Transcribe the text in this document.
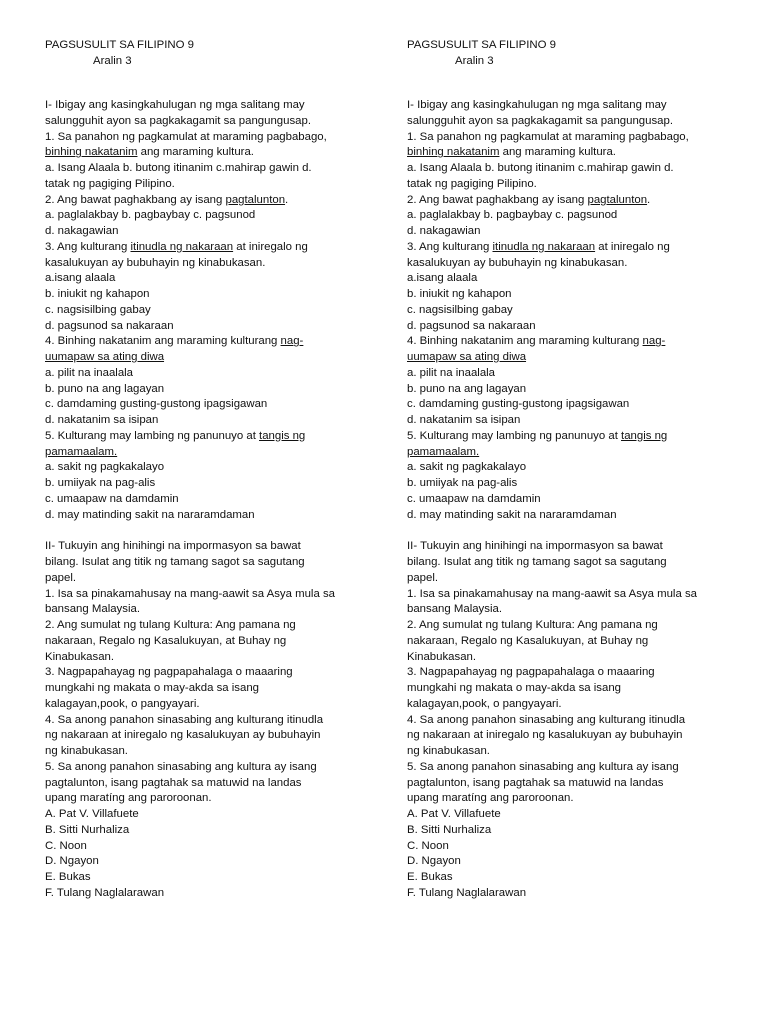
PAGSUSULIT SA FILIPINO 9
Aralin 3
I- Ibigay ang kasingkahulugan ng mga salitang may
salungguhit ayon sa pagkakagamit sa pangungusap.
1. Sa panahon ng pagkamulat at maraming pagbabago,
binhing nakatanim ang maraming kultura.
a. Isang Alaala b. butong itinanim c.mahirap gawin d.
tatak ng pagiging Pilipino.
2. Ang bawat paghakbang ay isang pagtalunton.
a. paglalakbay b. pagbaybay c. pagsunod
d. nakagawian
3. Ang kulturang itinudla ng nakaraan at iniregalo ng
kasalukuyan ay bubuhayin ng kinabukasan.
a.isang alaala
b. iniukit ng kahapon
c. nagsisilbing gabay
d. pagsunod sa nakaraan
4. Binhing nakatanim ang maraming kulturang nag-
uumapaw sa ating diwa
a. pilit na inaalala
b. puno na ang lagayan
c. damdaming gusting-gustong ipagsigawan
d. nakatanim sa isipan
5. Kulturang may lambing ng panunuyo at tangis ng
pamamaalam.
a. sakit ng pagkakalayo
b. umiiyak na pag-alis
c. umaapaw na damdamin
d. may matinding sakit na nararamdaman
II- Tukuyin ang hinihingi na impormasyon sa bawat
bilang. Isulat ang titik ng tamang sagot sa sagutang
papel.
1. Isa sa pinakamahusay na mang-aawit sa Asya mula sa
bansang Malaysia.
2. Ang sumulat ng tulang Kultura: Ang pamana ng
nakaraan, Regalo ng Kasalukuyan, at Buhay ng
Kinabukasan.
3. Nagpapahayag ng pagpapahalaga o maaaring
mungkahi ng makata o may-akda sa isang
kalagayan,pook, o pangyayari.
4. Sa anong panahon sinasabing ang kulturang itinudla
ng nakaraan at iniregalo ng kasalukuyan ay bubuhayin
ng kinabukasan.
5. Sa anong panahon sinasabing ang kultura ay isang
pagtalunton, isang pagtahak sa matuwid na landas
upang maratíng ang paroroonan.
A. Pat V. Villafuete
B. Sitti Nurhaliza
C. Noon
D. Ngayon
E. Bukas
F. Tulang Naglalarawan
PAGSUSULIT SA FILIPINO 9
Aralin 3
I- Ibigay ang kasingkahulugan ng mga salitang may
salungguhit ayon sa pagkakagamit sa pangungusap.
1. Sa panahon ng pagkamulat at maraming pagbabago,
binhing nakatanim ang maraming kultura.
a. Isang Alaala b. butong itinanim c.mahirap gawin d.
tatak ng pagiging Pilipino.
2. Ang bawat paghakbang ay isang pagtalunton.
a. paglalakbay b. pagbaybay c. pagsunod
d. nakagawian
3. Ang kulturang itinudla ng nakaraan at iniregalo ng
kasalukuyan ay bubuhayin ng kinabukasan.
a.isang alaala
b. iniukit ng kahapon
c. nagsisilbing gabay
d. pagsunod sa nakaraan
4. Binhing nakatanim ang maraming kulturang nag-
uumapaw sa ating diwa
a. pilit na inaalala
b. puno na ang lagayan
c. damdaming gusting-gustong ipagsigawan
d. nakatanim sa isipan
5. Kulturang may lambing ng panunuyo at tangis ng
pamamaalam.
a. sakit ng pagkakalayo
b. umiiyak na pag-alis
c. umaapaw na damdamin
d. may matinding sakit na nararamdaman
II- Tukuyin ang hinihingi na impormasyon sa bawat
bilang. Isulat ang titik ng tamang sagot sa sagutang
papel.
1. Isa sa pinakamahusay na mang-aawit sa Asya mula sa
bansang Malaysia.
2. Ang sumulat ng tulang Kultura: Ang pamana ng
nakaraan, Regalo ng Kasalukuyan, at Buhay ng
Kinabukasan.
3. Nagpapahayag ng pagpapahalaga o maaaring
mungkahi ng makata o may-akda sa isang
kalagayan,pook, o pangyayari.
4. Sa anong panahon sinasabing ang kulturang itinudla
ng nakaraan at iniregalo ng kasalukuyan ay bubuhayin
ng kinabukasan.
5. Sa anong panahon sinasabing ang kultura ay isang
pagtalunton, isang pagtahak sa matuwid na landas
upang maratíng ang paroroonan.
A. Pat V. Villafuete
B. Sitti Nurhaliza
C. Noon
D. Ngayon
E. Bukas
F. Tulang Naglalarawan
